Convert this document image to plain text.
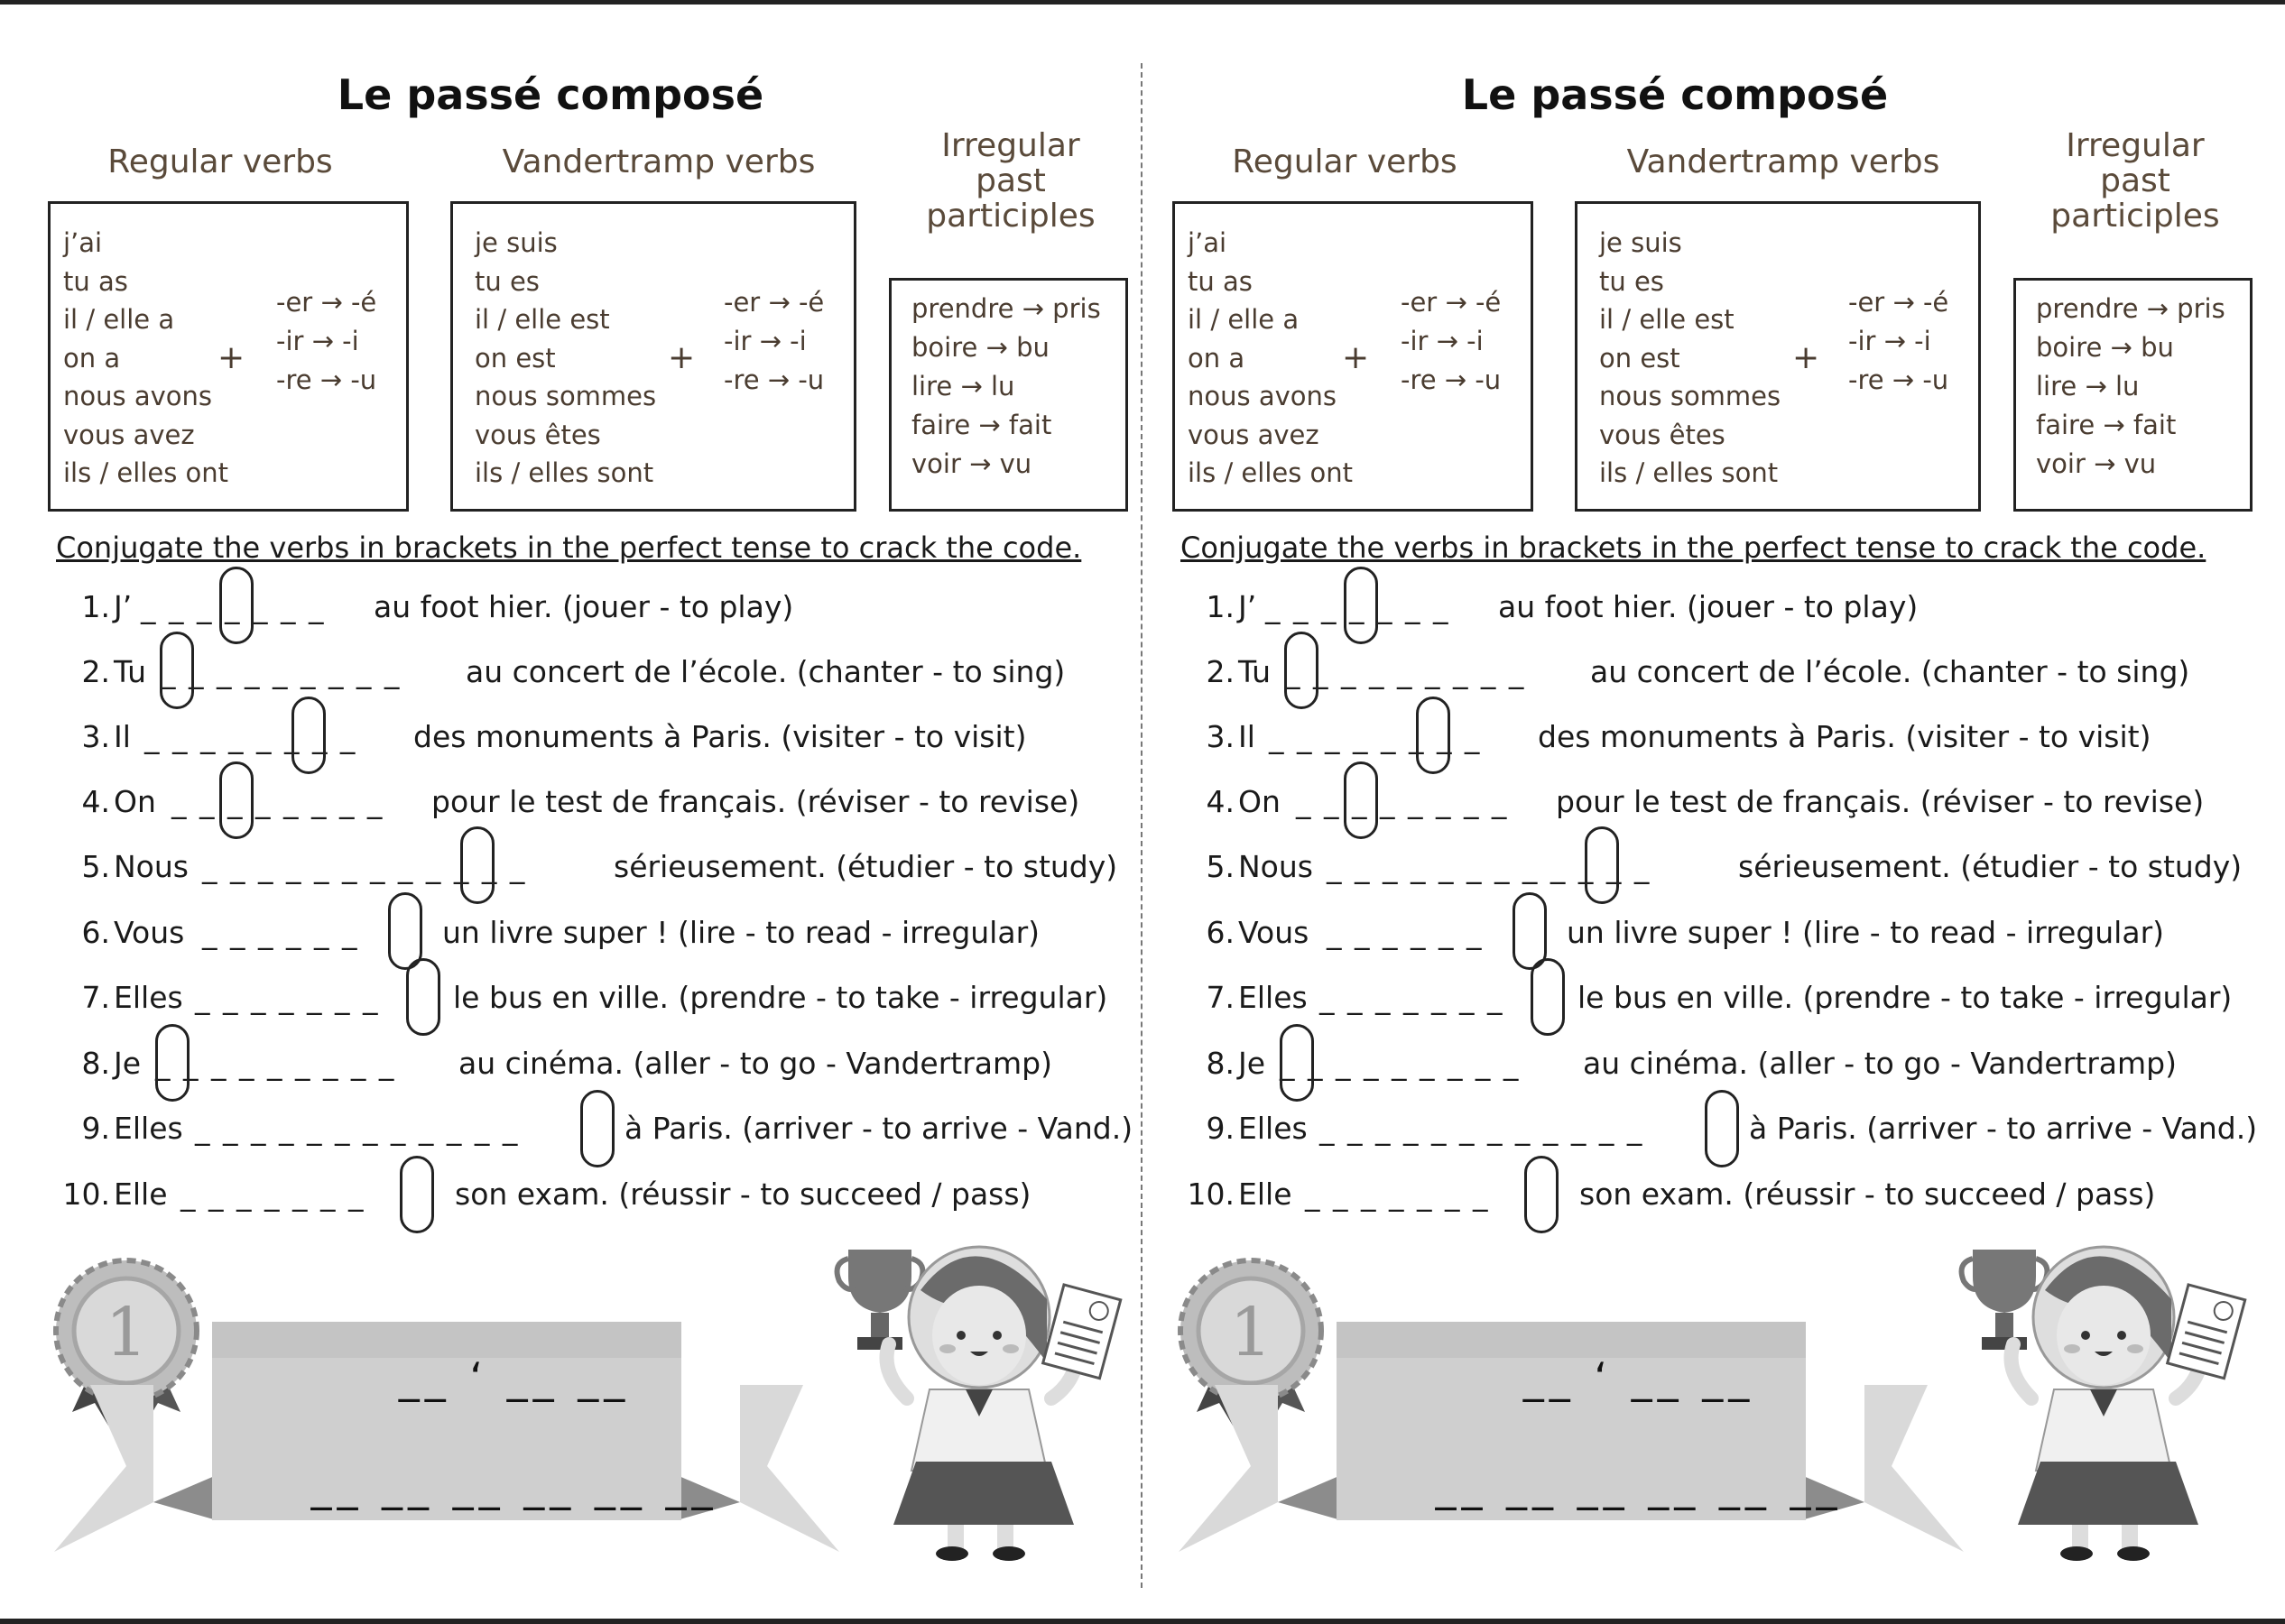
Le passé composé
Regular verbs	Vandertramp verbs	Irregular
past
participles
j’ai
tu as
il / elle a
on a
nous avons
vous avez
ils / elles ont
+
-er → -é
-ir → -i
-re → -u
je suis
tu es
il / elle est
on est
nous sommes
vous êtes
ils / elles sont
+
-er → -é
-ir → -i
-re → -u
prendre → pris
boire → bu
lire → lu
faire → fait
voir → vu
Conjugate the verbs in brackets in the perfect tense to crack the code.
1. J’ _ _ _ _ _ _ _ au foot hier. (jouer - to play)
2. Tu _ _ _ _ _ _ _ _ _ au concert de l’école. (chanter - to sing)
3. Il _ _ _ _ _ _ _ _ des monuments à Paris. (visiter - to visit)
4. On _ _ _ _ _ _ _ _ pour le test de français. (réviser - to revise)
5. Nous _ _ _ _ _ _ _ _ _ _ _ _	sérieusement. (étudier - to study)
6. Vous _ _ _ _ _ _	un livre super ! (lire - to read - irregular)
7. Elles _ _ _ _ _ _ _ le bus en ville. (prendre - to take - irregular)
8. Je _ _ _ _ _ _ _ _ _ au cinéma. (aller - to go - Vandertramp)
9. Elles _ _ _ _ _ _ _ _ _ _ _ _	à Paris. (arriver - to arrive - Vand.)
10. Elle _ _ _ _ _ _ _	son exam. (réussir - to succeed / pass)
1
__ ‘ __ __
__ __ __ __ __ __
Le passé composé
Regular verbs	Vandertramp verbs	Irregular
past
participles
j’ai
tu as
il / elle a
on a
nous avons
vous avez
ils / elles ont
+
-er → -é
-ir → -i
-re → -u
je suis
tu es
il / elle est
on est
nous sommes
vous êtes
ils / elles sont
+
-er → -é
-ir → -i
-re → -u
prendre → pris
boire → bu
lire → lu
faire → fait
voir → vu
Conjugate the verbs in brackets in the perfect tense to crack the code.
1. J’ _ _ _ _ _ _ _ au foot hier. (jouer - to play)
2. Tu _ _ _ _ _ _ _ _ _ au concert de l’école. (chanter - to sing)
3. Il _ _ _ _ _ _ _ _ des monuments à Paris. (visiter - to visit)
4. On _ _ _ _ _ _ _ _ pour le test de français. (réviser - to revise)
5. Nous _ _ _ _ _ _ _ _ _ _ _ _	sérieusement. (étudier - to study)
6. Vous _ _ _ _ _ _	un livre super ! (lire - to read - irregular)
7. Elles _ _ _ _ _ _ _ le bus en ville. (prendre - to take - irregular)
8. Je _ _ _ _ _ _ _ _ _ au cinéma. (aller - to go - Vandertramp)
9. Elles _ _ _ _ _ _ _ _ _ _ _ _	à Paris. (arriver - to arrive - Vand.)
10. Elle _ _ _ _ _ _ _	son exam. (réussir - to succeed / pass)
1
__ ‘ __ __
__ __ __ __ __ __
